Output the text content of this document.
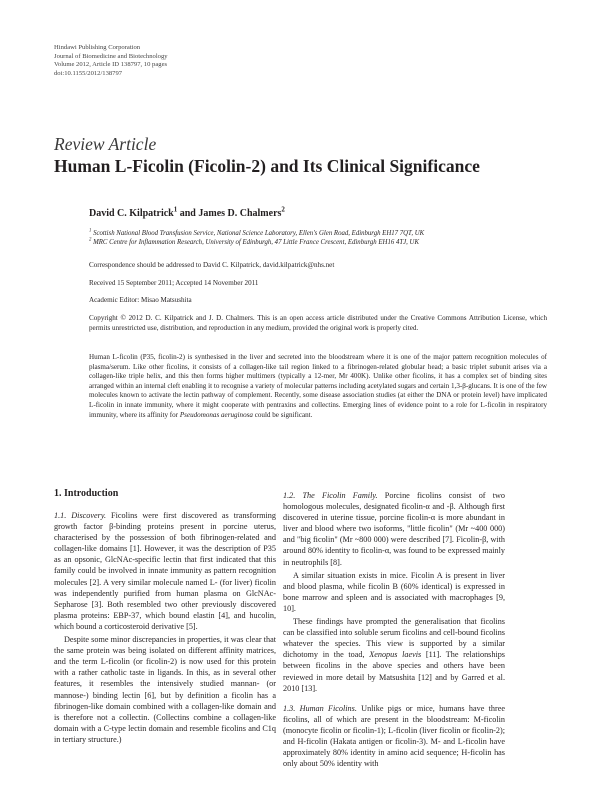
Hindawi Publishing Corporation
Journal of Biomedicine and Biotechnology
Volume 2012, Article ID 138797, 10 pages
doi:10.1155/2012/138797
Review Article
Human L-Ficolin (Ficolin-2) and Its Clinical Significance
David C. Kilpatrick$^1$ and James D. Chalmers$^2$
$^1$ Scottish National Blood Transfusion Service, National Science Laboratory, Ellen's Glen Road, Edinburgh EH17 7QT, UK
$^2$ MRC Centre for Inflammation Research, University of Edinburgh, 47 Little France Crescent, Edinburgh EH16 4TJ, UK
Correspondence should be addressed to David C. Kilpatrick, david.kilpatrick@nhs.net
Received 15 September 2011; Accepted 14 November 2011
Academic Editor: Misao Matsushita
Copyright © 2012 D. C. Kilpatrick and J. D. Chalmers. This is an open access article distributed under the Creative Commons Attribution License, which permits unrestricted use, distribution, and reproduction in any medium, provided the original work is properly cited.
Human L-ficolin (P35, ficolin-2) is synthesised in the liver and secreted into the bloodstream where it is one of the major pattern recognition molecules of plasma/serum. Like other ficolins, it consists of a collagen-like tail region linked to a fibrinogen-related globular head; a basic triplet subunit arises via a collagen-like triple helix, and this then forms higher multimers (typically a 12-mer, Mr 400K). Unlike other ficolins, it has a complex set of binding sites arranged within an internal cleft enabling it to recognise a variety of molecular patterns including acetylated sugars and certain 1,3-β-glucans. It is one of the few molecules known to activate the lectin pathway of complement. Recently, some disease association studies (at either the DNA or protein level) have implicated L-ficolin in innate immunity, where it might cooperate with pentraxins and collectins. Emerging lines of evidence point to a role for L-ficolin in respiratory immunity, where its affinity for Pseudomonas aeruginosa could be significant.
1. Introduction

1.1. Discovery. Ficolins were first discovered as transforming growth factor β-binding proteins present in porcine uterus, characterised by the possession of both fibrinogen-related and collagen-like domains [1]. However, it was the description of P35 as an opsonic, GlcNAc-specific lectin that first indicated that this family could be involved in innate immunity as pattern recognition molecules [2]. A very similar molecule named L- (for liver) ficolin was independently purified from human plasma on GlcNAc-Sepharose [3]. Both resembled two other previously discovered plasma proteins: EBP-37, which bound elastin [4], and hucolin, which bound a corticosteroid derivative [5].

Despite some minor discrepancies in properties, it was clear that the same protein was being isolated on different affinity matrices, and the term L-ficolin (or ficolin-2) is now used for this protein with a rather catholic taste in ligands. In this, as in several other features, it resembles the intensively studied mannan- (or mannose-) binding lectin [6], but by definition a ficolin has a fibrinogen-like domain combined with a collagen-like domain and is therefore not a collectin. (Collectins combine a collagen-like domain with a C-type lectin domain and resemble ficolins and C1q in tertiary structure.)

1.2. The Ficolin Family. Porcine ficolins consist of two homologous molecules, designated ficolin-α and -β. Although first discovered in uterine tissue, porcine ficolin-α is more abundant in liver and blood where two isoforms, "little ficolin" (Mr ~400 000) and "big ficolin" (Mr ~800 000) were described [7]. Ficolin-β, with around 80% identity to ficolin-α, was found to be expressed mainly in neutrophils [8].

A similar situation exists in mice. Ficolin A is present in liver and blood plasma, while ficolin B (60% identical) is expressed in bone marrow and spleen and is associated with macrophages [9, 10].

These findings have prompted the generalisation that ficolins can be classified into soluble serum ficolins and cell-bound ficolins whatever the species. This view is supported by a similar dichotomy in the toad, Xenopus laevis [11]. The relationships between ficolins in the above species and others have been reviewed in more detail by Matsushita [12] and by Garred et al. 2010 [13].

1.3. Human Ficolins. Unlike pigs or mice, humans have three ficolins, all of which are present in the bloodstream: M-ficolin (monocyte ficolin or ficolin-1); L-ficolin (liver ficolin or ficolin-2); and H-ficolin (Hakata antigen or ficolin-3). M- and L-ficolin have approximately 80% identity in amino acid sequence; H-ficolin has only about 50% identity with
